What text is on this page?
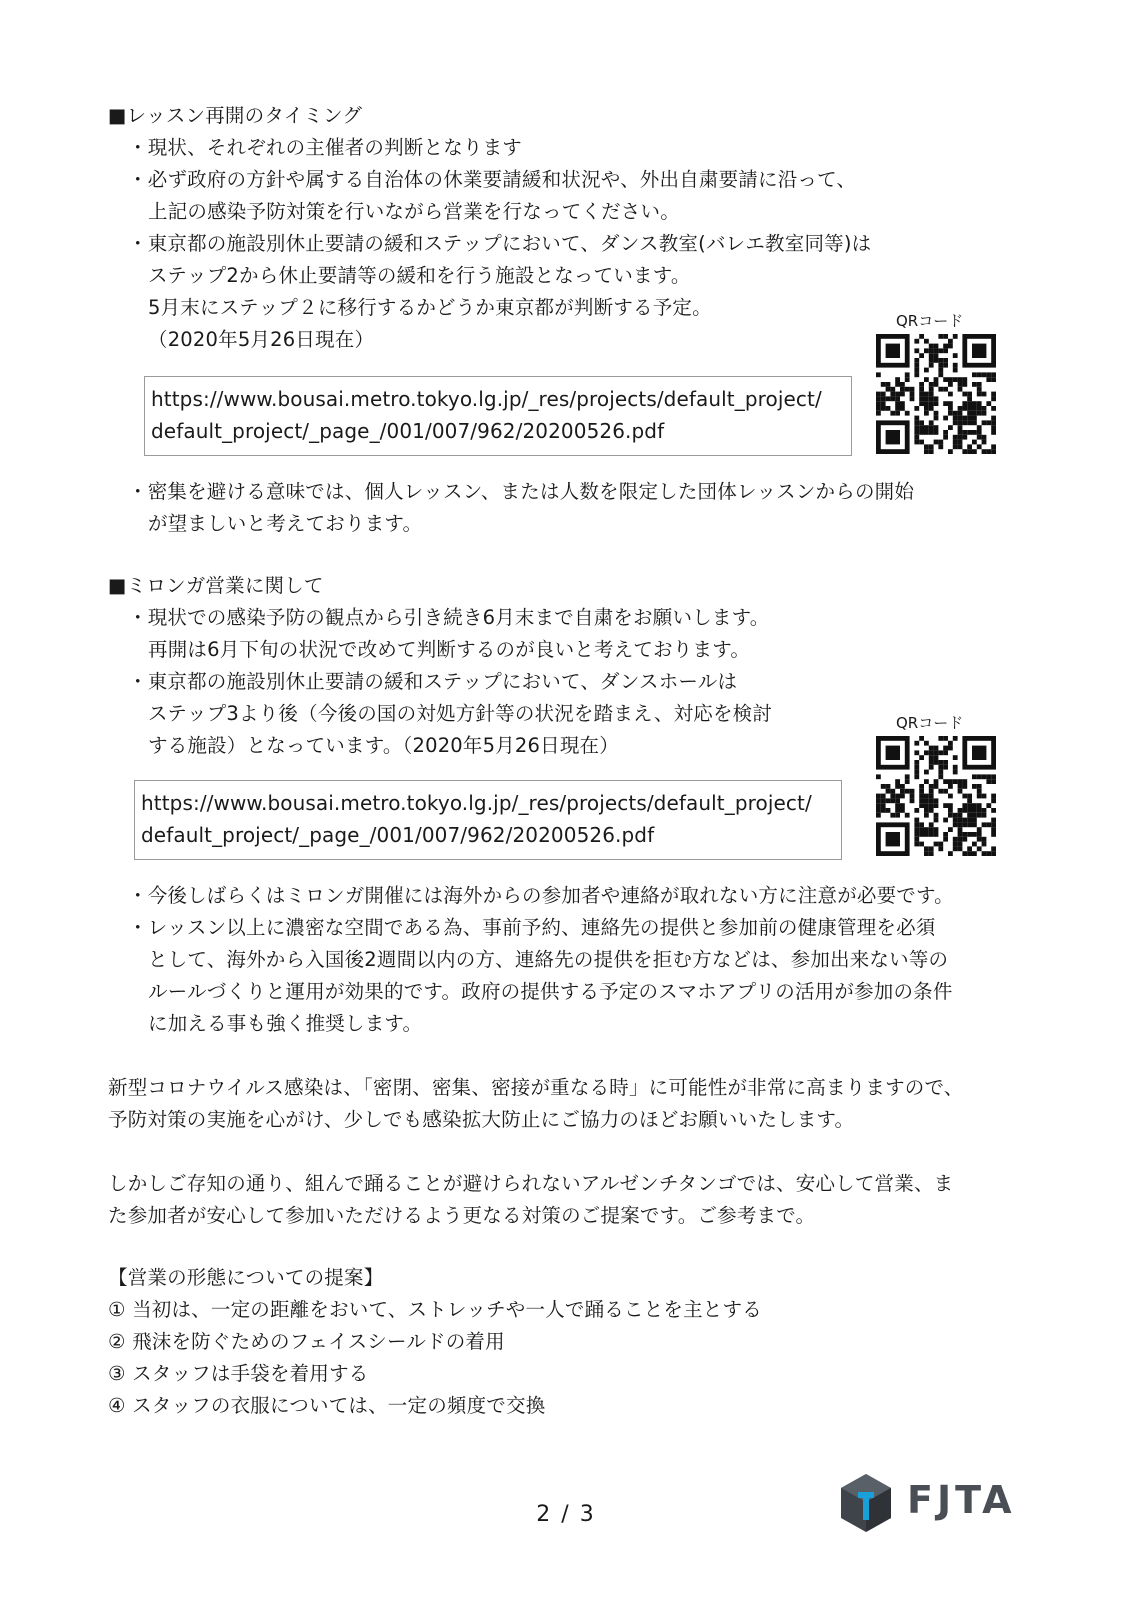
■レッスン再開のタイミング
・現状、それぞれの主催者の判断となります
・必ず政府の方針や属する自治体の休業要請緩和状況や、外出自粛要請に沿って、
上記の感染予防対策を行いながら営業を行なってください。
・東京都の施設別休止要請の緩和ステップにおいて、ダンス教室(バレエ教室同等)は
ステップ2から休止要請等の緩和を行う施設となっています。
5月末にステップ２に移行するかどうか東京都が判断する予定。
（2020年5月26日現在）
https://www.bousai.metro.tokyo.lg.jp/_res/projects/default_project/
default_project/_page_/001/007/962/20200526.pdf
QRコード
・密集を避ける意味では、個人レッスン、または人数を限定した団体レッスンからの開始
が望ましいと考えております。
■ミロンガ営業に関して
・現状での感染予防の観点から引き続き6月末まで自粛をお願いします。
再開は6月下旬の状況で改めて判断するのが良いと考えております。
・東京都の施設別休止要請の緩和ステップにおいて、ダンスホールは
ステップ3より後（今後の国の対処方針等の状況を踏まえ、対応を検討
する施設）となっています。（2020年5月26日現在）
https://www.bousai.metro.tokyo.lg.jp/_res/projects/default_project/
default_project/_page_/001/007/962/20200526.pdf
QRコード
・今後しばらくはミロンガ開催には海外からの参加者や連絡が取れない方に注意が必要です。
・レッスン以上に濃密な空間である為、事前予約、連絡先の提供と参加前の健康管理を必須
として、海外から入国後2週間以内の方、連絡先の提供を拒む方などは、参加出来ない等の
ルールづくりと運用が効果的です。政府の提供する予定のスマホアプリの活用が参加の条件
に加える事も強く推奨します。
新型コロナウイルス感染は、「密閉、密集、密接が重なる時」に可能性が非常に高まりますので、
予防対策の実施を心がけ、少しでも感染拡大防止にご協力のほどお願いいたします。
しかしご存知の通り、組んで踊ることが避けられないアルゼンチタンゴでは、安心して営業、ま
た参加者が安心して参加いただけるよう更なる対策のご提案です。ご参考まで。
【営業の形態についての提案】
① 当初は、一定の距離をおいて、ストレッチや一人で踊ることを主とする
② 飛沫を防ぐためのフェイスシールドの着用
③ スタッフは手袋を着用する
④ スタッフの衣服については、一定の頻度で交換
2 / 3	FJTA
